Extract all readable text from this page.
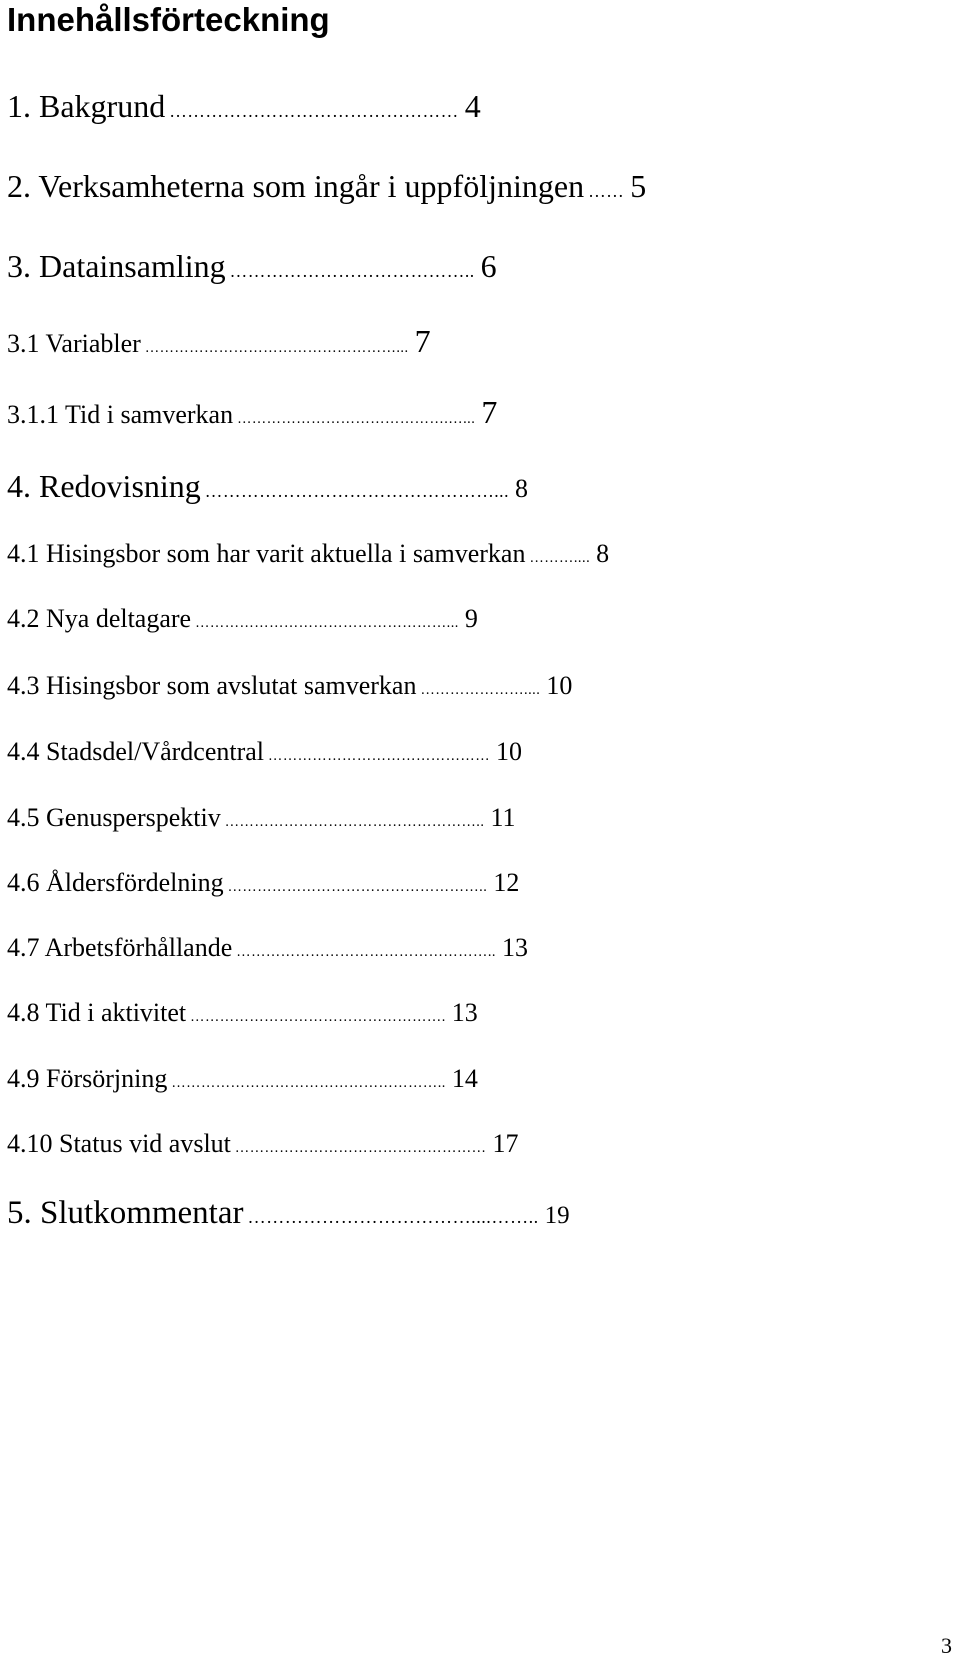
Innehållsförteckning
1. Bakgrund ………………………………………… 4
2. Verksamheterna som ingår i uppföljningen …… 5
3. Datainsamling ………………………………….. 6
3.1 Variabler ……………………………………………... 7
3.1.1 Tid i samverkan …………………………………….…... 7
4. Redovisning …………………………………………... 8
4.1 Hisingsbor som har varit aktuella i samverkan ……….... 8
4.2 Nya deltagare ……………………………………………... 9
4.3 Hisingsbor som avslutat samverkan ………………….... 10
4.4 Stadsdel/Vårdcentral ……………………………………… 10
4.5 Genusperspektiv …………………………………………….. 11
4.6 Åldersfördelning …………………………………………….. 12
4.7 Arbetsförhållande …………………………………………….. 13
4.8 Tid i aktivitet ……………………………………………. 13
4.9 Försörjning ……………………………………………….. 14
4.10 Status vid avslut …………………………………………… 17
5. Slutkommentar ………………………………....…….. 19
3
